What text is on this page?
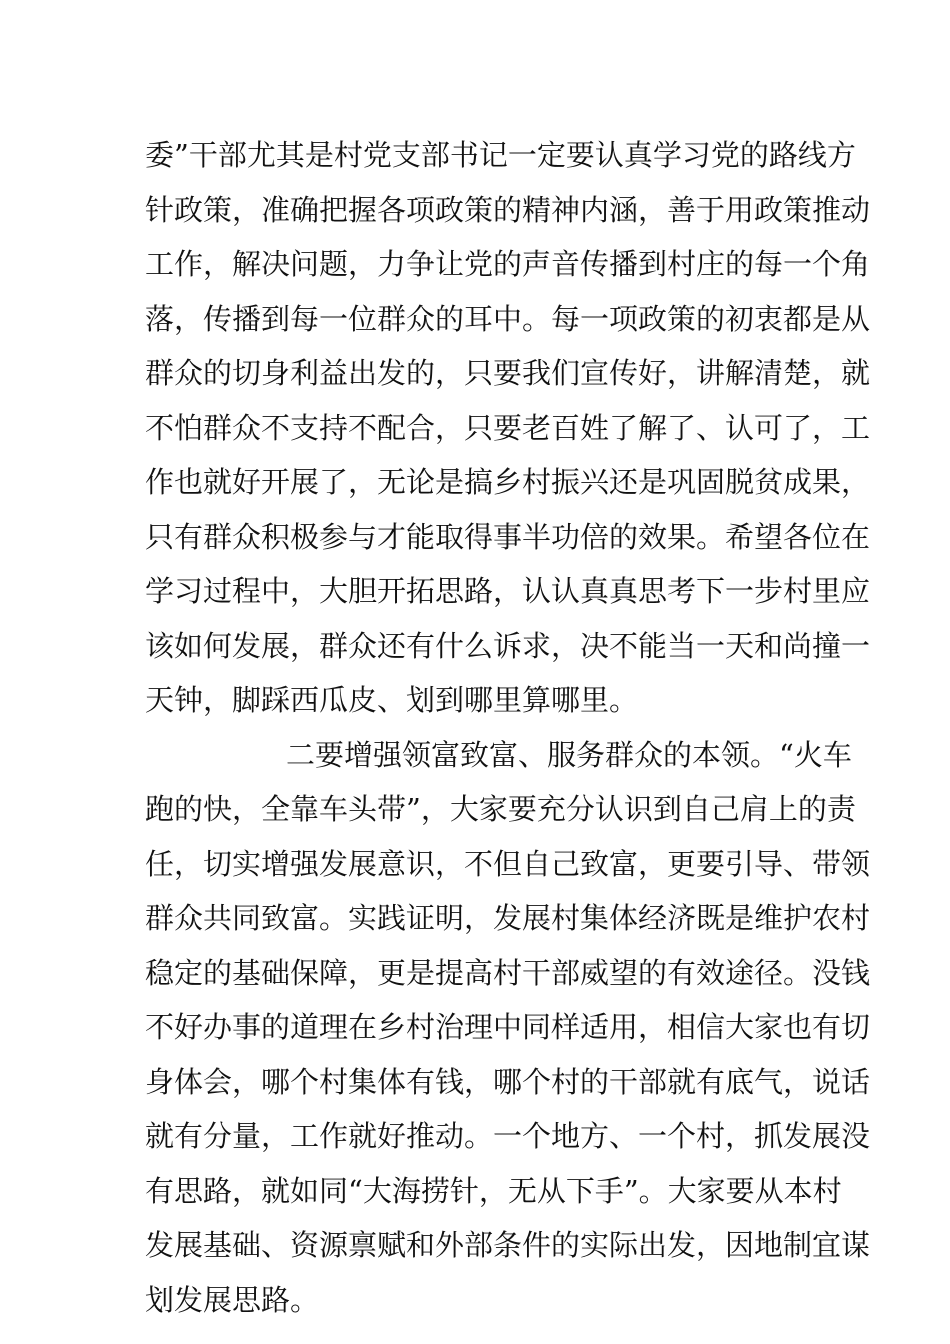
委”干部尤其是村党支部书记一定要认真学习党的路线方
针政策，准确把握各项政策的精神内涵，善于用政策推动
工作，解决问题，力争让党的声音传播到村庄的每一个角
落，传播到每一位群众的耳中。每一项政策的初衷都是从
群众的切身利益出发的，只要我们宣传好，讲解清楚，就
不怕群众不支持不配合，只要老百姓了解了、认可了，工
作也就好开展了，无论是搞乡村振兴还是巩固脱贫成果，
只有群众积极参与才能取得事半功倍的效果。希望各位在
学习过程中，大胆开拓思路，认认真真思考下一步村里应
该如何发展，群众还有什么诉求，决不能当一天和尚撞一
天钟，脚踩西瓜皮、划到哪里算哪里。
二要增强领富致富、服务群众的本领。“火车
跑的快，全靠车头带”，大家要充分认识到自己肩上的责
任，切实增强发展意识，不但自己致富，更要引导、带领
群众共同致富。实践证明，发展村集体经济既是维护农村
稳定的基础保障，更是提高村干部威望的有效途径。没钱
不好办事的道理在乡村治理中同样适用，相信大家也有切
身体会，哪个村集体有钱，哪个村的干部就有底气，说话
就有分量，工作就好推动。一个地方、一个村，抓发展没
有思路，就如同“大海捞针，无从下手”。大家要从本村
发展基础、资源禀赋和外部条件的实际出发，因地制宜谋
划发展思路。
